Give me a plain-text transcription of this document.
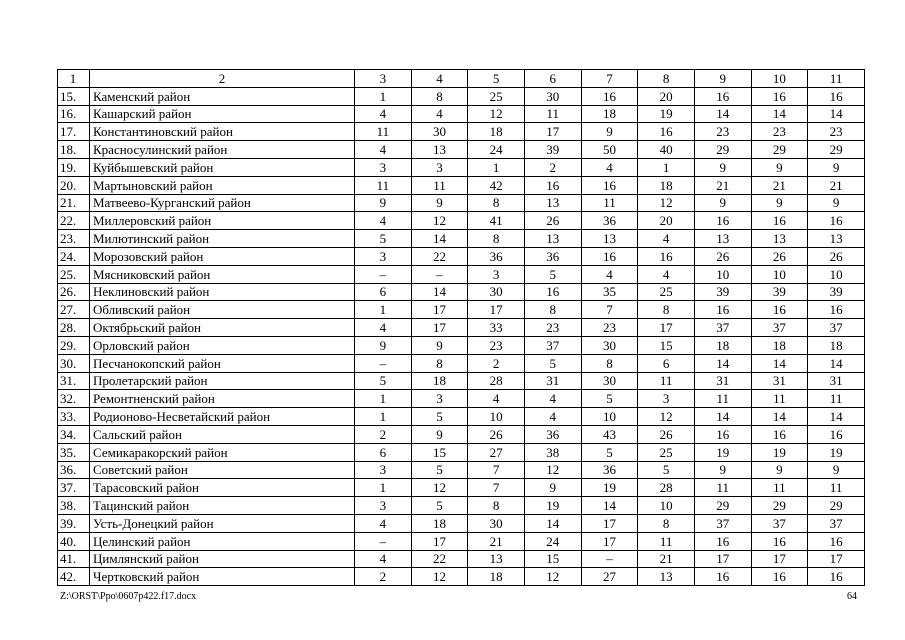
1	2	3	4	5	6	7	8	9	10	11
15.	Каменский район	1	8	25	30	16	20	16	16	16
16.	Кашарский район	4	4	12	11	18	19	14	14	14
17.	Константиновский район	11	30	18	17	9	16	23	23	23
18.	Красносулинский район	4	13	24	39	50	40	29	29	29
19.	Куйбышевский район	3	3	1	2	4	1	9	9	9
20.	Мартыновский район	11	11	42	16	16	18	21	21	21
21.	Матвеево-Курганский район	9	9	8	13	11	12	9	9	9
22.	Миллеровский район	4	12	41	26	36	20	16	16	16
23.	Милютинский район	5	14	8	13	13	4	13	13	13
24.	Морозовский район	3	22	36	36	16	16	26	26	26
25.	Мясниковский район	–	–	3	5	4	4	10	10	10
26.	Неклиновский район	6	14	30	16	35	25	39	39	39
27.	Обливский район	1	17	17	8	7	8	16	16	16
28.	Октябрьский район	4	17	33	23	23	17	37	37	37
29.	Орловский район	9	9	23	37	30	15	18	18	18
30.	Песчанокопский район	–	8	2	5	8	6	14	14	14
31.	Пролетарский район	5	18	28	31	30	11	31	31	31
32.	Ремонтненский район	1	3	4	4	5	3	11	11	11
33.	Родионово-Несветайский район	1	5	10	4	10	12	14	14	14
34.	Сальский район	2	9	26	36	43	26	16	16	16
35.	Семикаракорский район	6	15	27	38	5	25	19	19	19
36.	Советский район	3	5	7	12	36	5	9	9	9
37.	Тарасовский район	1	12	7	9	19	28	11	11	11
38.	Тацинский район	3	5	8	19	14	10	29	29	29
39.	Усть-Донецкий район	4	18	30	14	17	8	37	37	37
40.	Целинский район	–	17	21	24	17	11	16	16	16
41.	Цимлянский район	4	22	13	15	–	21	17	17	17
42.	Чертковский район	2	12	18	12	27	13	16	16	16
Z:\ORST\Ppo\0607p422.f17.docx	64
